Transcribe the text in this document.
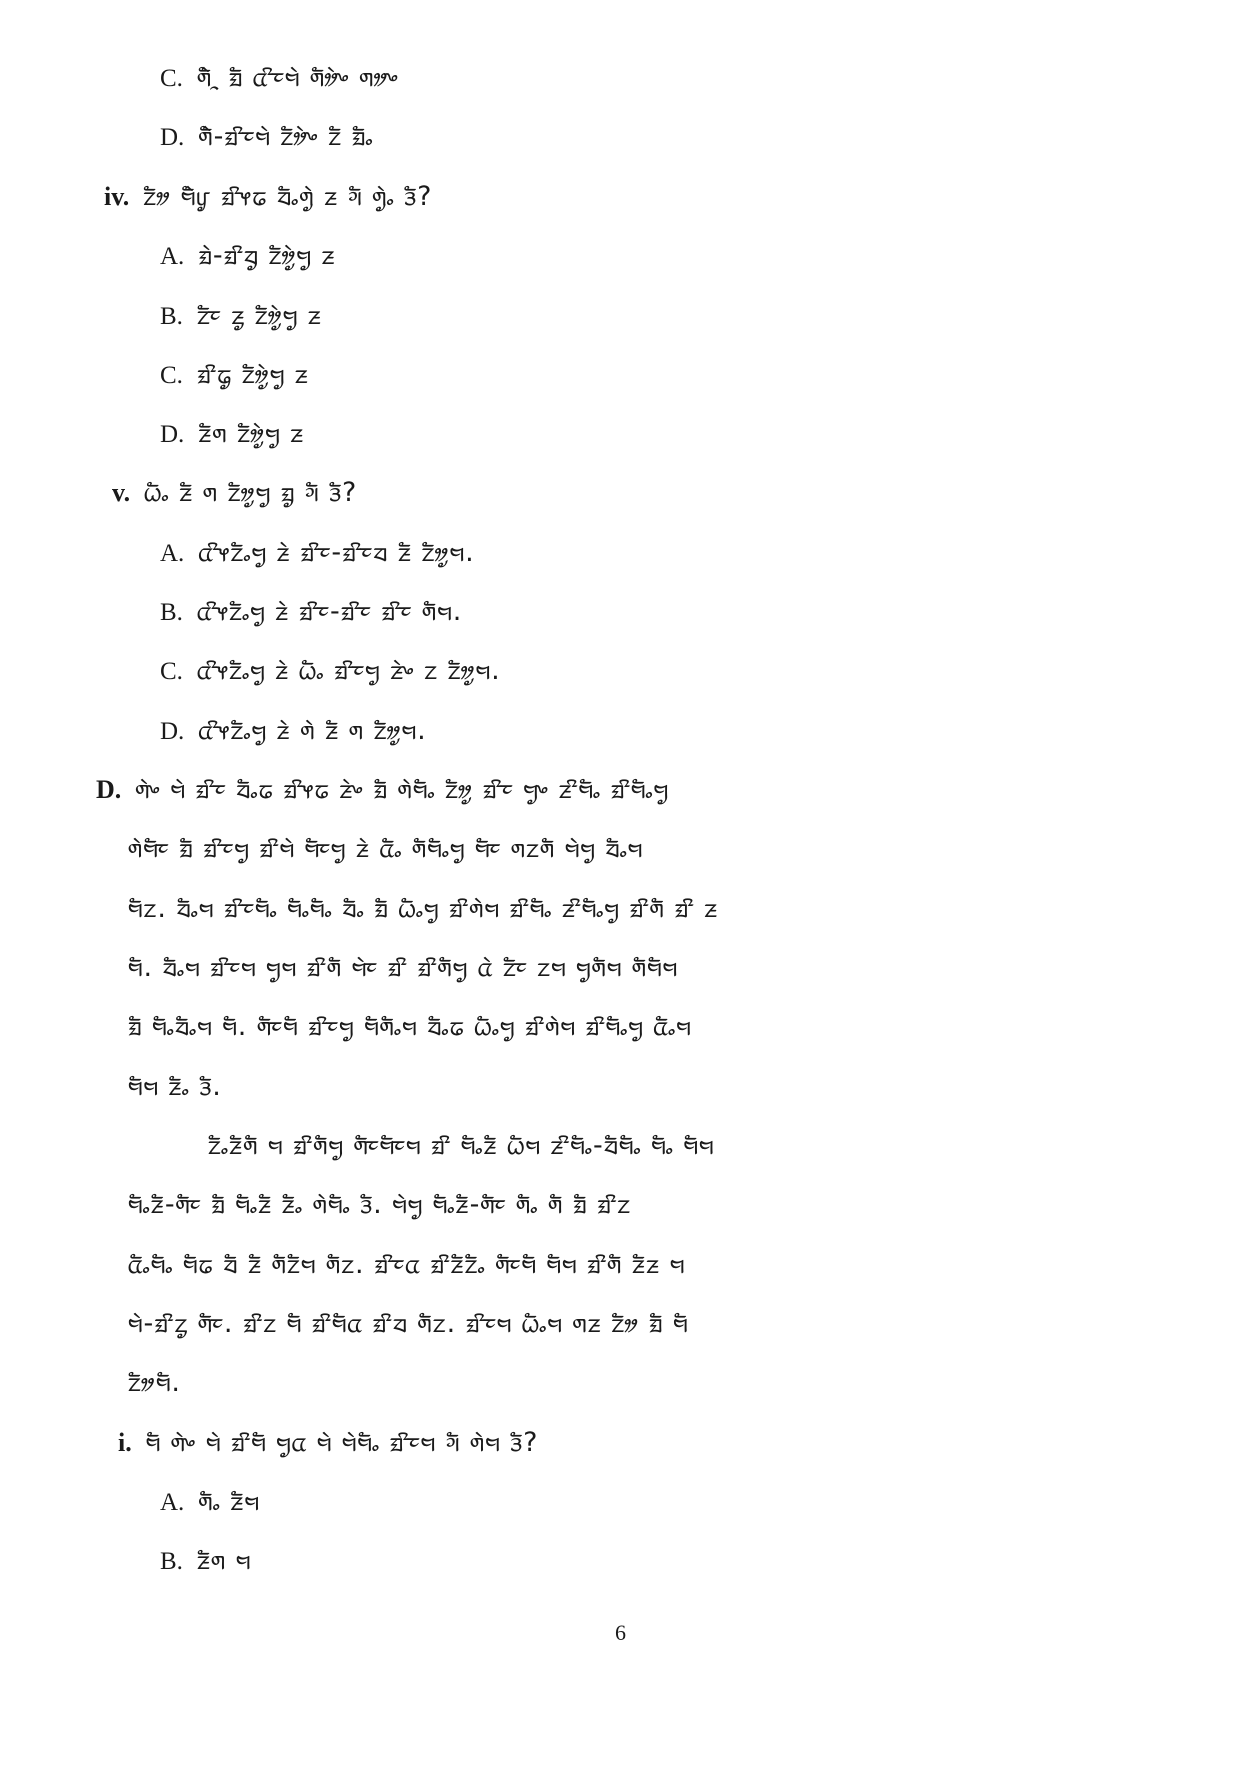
C. ᤛᤧᤠᤳ ᤀᤠ ᤂᤡᤰᤗᤧ ᤛᤦᤧᤴ ᤛᤤᤴ
D. ᤛᤧᤠ-ᤀᤡᤰᤗᤧ ᤁᤦᤧᤴ ᤁᤠ ᤀᤠᤱ
iv. ᤁᤦ ᤗᤧᤠᤙᤢ ᤀᤡᤶᤒ ᤔᤠᤱᤛᤧᤢ ᤏ ᤆᤠ ᤛᤧᤢᤱ ᤋᤠ?
A. ᤀᤧ-ᤀᤡᤔᤢ ᤁᤦᤧᤢᤗᤢ ᤏ
B. ᤁᤠᤰ ᤏᤢ ᤁᤦᤧᤢᤗᤢ ᤏ
C. ᤀᤡᤒᤢ ᤁᤦᤧᤢᤗᤢ ᤏ
D. ᤏᤠᤛ ᤁᤦᤧᤢᤗᤢ ᤏ
v. ᤐᤠᤱ ᤏᤠ ᤛ ᤁᤦᤢᤗᤢ ᤀᤢ ᤆᤠ ᤋᤠ?
A. ᤂᤡᤶᤁᤠᤱᤗᤢ ᤏᤧ ᤀᤡᤰ-ᤀᤡᤰᤔ ᤏᤠ ᤁᤦᤢᤗ.
B. ᤂᤡᤶᤁᤠᤱᤗᤢ ᤏᤧ ᤀᤡᤰ-ᤀᤡᤰ ᤀᤡᤰ ᤛᤠᤗ.
C. ᤂᤡᤶᤁᤠᤱᤗᤢ ᤏᤧ ᤐᤠᤱ ᤀᤡᤰᤗᤢ ᤏᤧᤴ ᤁ ᤁᤦᤢᤗ.
D. ᤂᤡᤶᤁᤠᤱᤗᤢ ᤏᤧ ᤛᤧ ᤏᤠ ᤛ ᤁᤦᤢᤗ.
D. ᤛᤧᤴ ᤗᤧ ᤀᤡᤰ ᤔᤠᤱᤒ ᤀᤡᤶᤒ ᤏᤧᤴ ᤀᤠ ᤛᤧᤗᤠᤱ ᤁᤦᤢ ᤀᤡᤰ ᤗᤢᤴ ᤏᤡᤗᤠᤱ ᤀᤡᤗᤠᤱᤗᤢ
ᤛᤧᤗᤠᤰ ᤀᤠ ᤀᤡᤰᤗᤢ ᤀᤡᤗᤧ ᤗᤠᤰᤗᤢ ᤏᤧ ᤂᤠᤱ ᤛᤠᤗᤠᤱᤗᤢ ᤗᤠᤰ ᤛᤁᤛᤠ ᤗᤧᤗᤢ ᤔᤠᤱᤗ
ᤗᤠᤁ. ᤔᤠᤱᤗ ᤀᤡᤰᤗᤠᤱ ᤗᤠᤱᤗᤠᤱ ᤔᤠᤱ ᤀᤠ ᤐᤠᤱᤗᤢ ᤀᤡᤛᤧᤗ ᤀᤡᤗᤠᤱ ᤏᤡᤗᤠᤱᤗᤢ ᤀᤡᤛᤠ ᤀᤡ ᤏ
ᤗᤠ. ᤔᤠᤱᤗ ᤀᤡᤰᤗ ᤗᤢᤗ ᤀᤡᤛᤠ ᤗᤧᤰ ᤀᤡ ᤀᤡᤛᤠᤗᤢ ᤂᤧ ᤁᤠᤰ ᤁᤗ ᤗᤢᤛᤠᤗ ᤛᤠᤗᤠᤗ
ᤀᤠ ᤗᤠᤱᤔᤠᤱᤗ ᤗᤠ. ᤛᤠᤰᤗᤠ ᤀᤡᤰᤗᤢ ᤗᤠᤛᤠᤱᤗ ᤔᤠᤱᤒ ᤐᤠᤱᤗᤢ ᤀᤡᤛᤧᤗ ᤀᤡᤗᤠᤱᤗᤢ ᤂᤠᤱᤗ
ᤗᤠᤗ ᤏᤠᤱ ᤋᤠ.
ᤁᤠᤱᤏᤠᤛᤠ ᤗ ᤀᤡᤛᤠᤗᤢ ᤛᤠᤰᤗᤠᤰᤗ ᤀᤡ ᤗᤠᤱᤏᤠ ᤐᤠᤗ ᤏᤡᤗᤠᤱ-ᤔᤠᤗᤠᤱ ᤗᤠᤱ ᤗᤠᤗ
ᤗᤠᤱᤏᤠ-ᤛᤠᤰ ᤀᤠ ᤗᤠᤱᤏᤠ ᤏᤠᤱ ᤛᤧᤗᤠᤱ ᤋᤠ. ᤗᤧᤗᤢ ᤗᤠᤱᤏᤠ-ᤛᤠᤰ ᤛᤠᤱ ᤛᤠ ᤀᤠ ᤀᤡᤁ
ᤂᤠᤱᤗᤠᤱ ᤗᤠᤒ ᤔᤠ ᤏᤠ ᤛᤠᤁᤠᤗ ᤛᤠᤁ. ᤀᤡᤰᤂ ᤀᤡᤏᤠᤁᤠᤱ ᤛᤠᤰᤗᤠ ᤗᤠᤗ ᤀᤡᤛᤠ ᤏᤠᤏ ᤗ
ᤗᤧ-ᤀᤡᤁᤢ ᤛᤠᤰ. ᤀᤡᤁ ᤗᤠ ᤀᤡᤗᤠᤂ ᤀᤡᤔ ᤛᤠᤁ. ᤀᤡᤰᤗ ᤐᤠᤱᤗ ᤛᤏ ᤁᤦ ᤀᤠ ᤗᤠ
ᤁᤦᤗᤠ.
i. ᤗᤠ ᤛᤧᤴ ᤗᤧ ᤀᤡᤗᤠ ᤗᤢᤂ ᤗᤧ ᤗᤧᤗᤠᤱ ᤀᤡᤰᤗ ᤆᤠ ᤛᤧᤗ ᤋᤠ?
A. ᤛᤠᤱ ᤏᤠᤗ
B. ᤏᤠᤛ ᤗ
6
